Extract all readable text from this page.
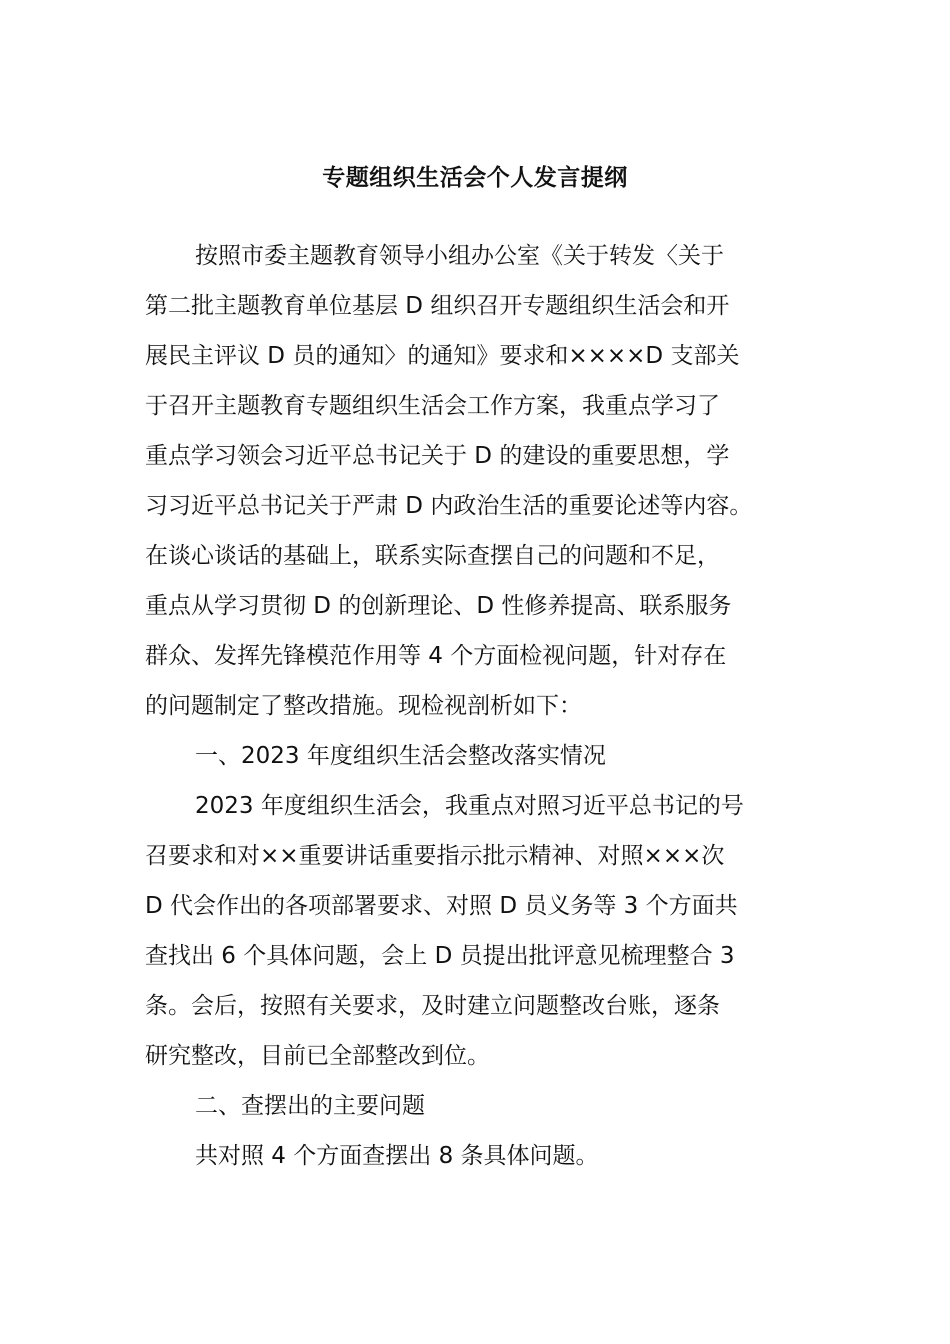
专题组织生活会个人发言提纲
按照市委主题教育领导小组办公室《关于转发〈关于
第二批主题教育单位基层 D 组织召开专题组织生活会和开
展民主评议 D 员的通知〉的通知》要求和××××D 支部关
于召开主题教育专题组织生活会工作方案，我重点学习了
重点学习领会习近平总书记关于 D 的建设的重要思想，学
习习近平总书记关于严肃 D 内政治生活的重要论述等内容。
在谈心谈话的基础上，联系实际查摆自己的问题和不足，
重点从学习贯彻 D 的创新理论、D 性修养提高、联系服务
群众、发挥先锋模范作用等 4 个方面检视问题，针对存在
的问题制定了整改措施。现检视剖析如下：
一、2023 年度组织生活会整改落实情况
2023 年度组织生活会，我重点对照习近平总书记的号
召要求和对××重要讲话重要指示批示精神、对照×××次
D 代会作出的各项部署要求、对照 D 员义务等 3 个方面共
查找出 6 个具体问题，会上 D 员提出批评意见梳理整合 3
条。会后，按照有关要求，及时建立问题整改台账，逐条
研究整改，目前已全部整改到位。
二、查摆出的主要问题
共对照 4 个方面查摆出 8 条具体问题。
